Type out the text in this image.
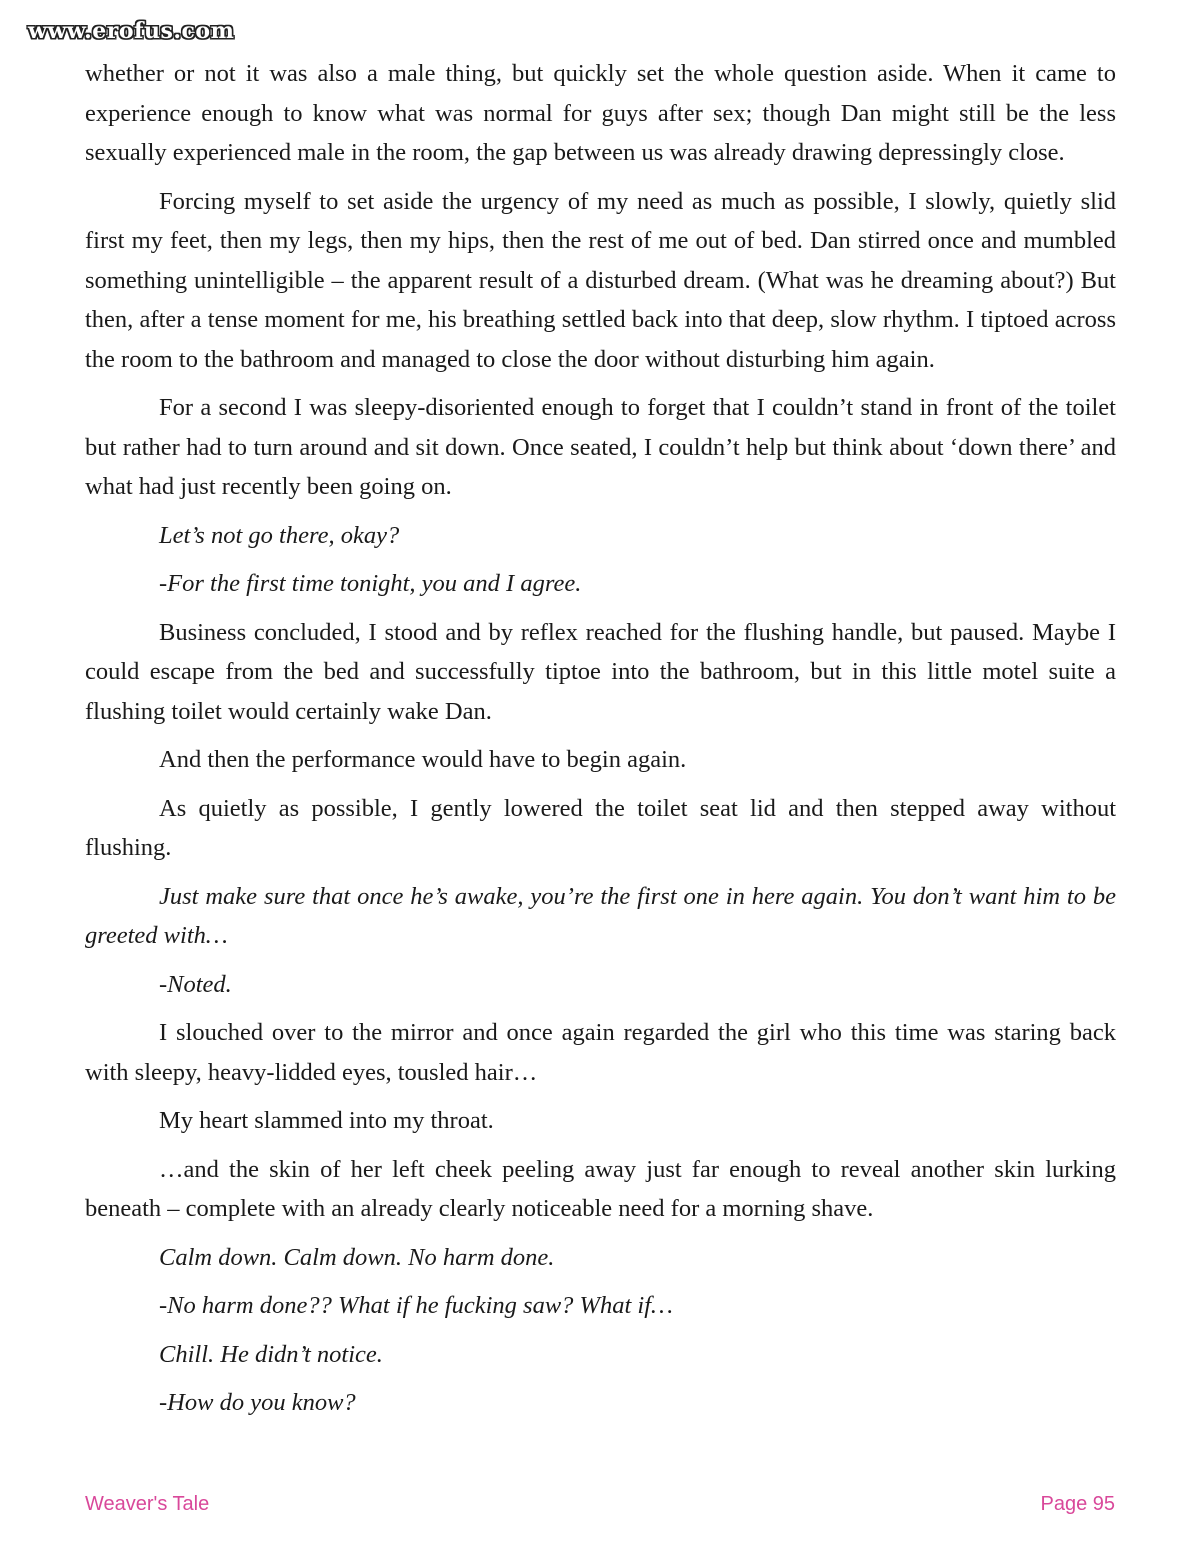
www.erofus.com

whether or not it was also a male thing, but quickly set the whole question aside. When it came to experience enough to know what was normal for guys after sex; though Dan might still be the less sexually experienced male in the room, the gap between us was already drawing depressingly close.

Forcing myself to set aside the urgency of my need as much as possible, I slowly, quietly slid first my feet, then my legs, then my hips, then the rest of me out of bed. Dan stirred once and mumbled something unintelligible – the apparent result of a disturbed dream. (What was he dreaming about?) But then, after a tense moment for me, his breathing settled back into that deep, slow rhythm. I tiptoed across the room to the bathroom and managed to close the door without disturbing him again.

For a second I was sleepy-disoriented enough to forget that I couldn’t stand in front of the toilet but rather had to turn around and sit down. Once seated, I couldn’t help but think about ‘down there’ and what had just recently been going on.

Let’s not go there, okay?

-For the first time tonight, you and I agree.

Business concluded, I stood and by reflex reached for the flushing handle, but paused. Maybe I could escape from the bed and successfully tiptoe into the bathroom, but in this little motel suite a flushing toilet would certainly wake Dan.

And then the performance would have to begin again.

As quietly as possible, I gently lowered the toilet seat lid and then stepped away without flushing.

Just make sure that once he’s awake, you’re the first one in here again. You don’t want him to be greeted with…

-Noted.

I slouched over to the mirror and once again regarded the girl who this time was staring back with sleepy, heavy-lidded eyes, tousled hair…

My heart slammed into my throat.

…and the skin of her left cheek peeling away just far enough to reveal another skin lurking beneath – complete with an already clearly noticeable need for a morning shave.

Calm down. Calm down. No harm done.

-No harm done?? What if he fucking saw? What if…

Chill. He didn’t notice.

-How do you know?

Weaver's Tale	Page 95
